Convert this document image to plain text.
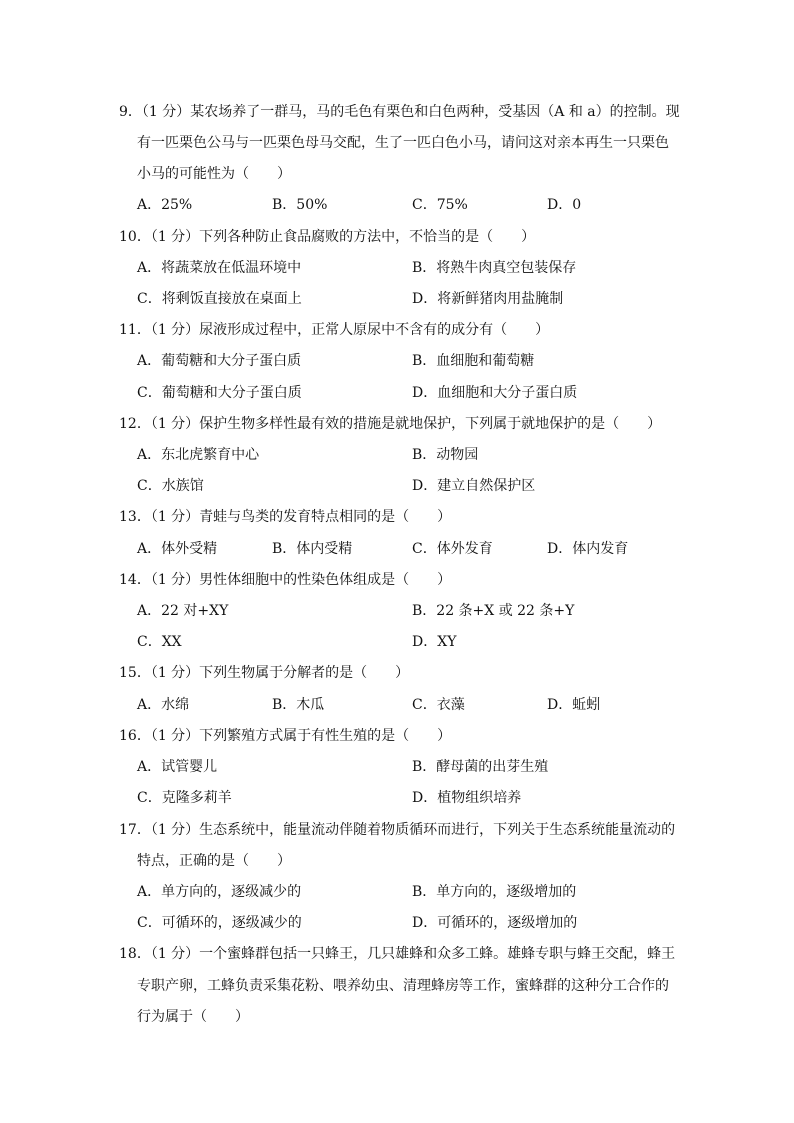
9．（1 分）某农场养了一群马，马的毛色有栗色和白色两种，受基因（A 和 a）的控制。现
有一匹栗色公马与一匹栗色母马交配，生了一匹白色小马，请问这对亲本再生一只栗色
小马的可能性为（　　）
A．25%	B．50%	C．75%	D．0
10．（1 分）下列各种防止食品腐败的方法中，不恰当的是（　　）
A．将蔬菜放在低温环境中	B．将熟牛肉真空包装保存
C．将剩饭直接放在桌面上	D．将新鲜猪肉用盐腌制
11．（1 分）尿液形成过程中，正常人原尿中不含有的成分有（　　）
A．葡萄糖和大分子蛋白质	B．血细胞和葡萄糖
C．葡萄糖和大分子蛋白质	D．血细胞和大分子蛋白质
12．（1 分）保护生物多样性最有效的措施是就地保护，下列属于就地保护的是（　　）
A．东北虎繁育中心	B．动物园
C．水族馆	D．建立自然保护区
13．（1 分）青蛙与鸟类的发育特点相同的是（　　）
A．体外受精	B．体内受精	C．体外发育	D．体内发育
14．（1 分）男性体细胞中的性染色体组成是（　　）
A．22 对+XY	B．22 条+X 或 22 条+Y
C．XX	D．XY
15．（1 分）下列生物属于分解者的是（　　）
A．水绵	B．木瓜	C．衣藻	D．蚯蚓
16．（1 分）下列繁殖方式属于有性生殖的是（　　）
A．试管婴儿	B．酵母菌的出芽生殖
C．克隆多莉羊	D．植物组织培养
17．（1 分）生态系统中，能量流动伴随着物质循环而进行，下列关于生态系统能量流动的
特点，正确的是（　　）
A．单方向的，逐级减少的	B．单方向的，逐级增加的
C．可循环的，逐级减少的	D．可循环的，逐级增加的
18．（1 分）一个蜜蜂群包括一只蜂王，几只雄蜂和众多工蜂。雄蜂专职与蜂王交配，蜂王
专职产卵，工蜂负责采集花粉、喂养幼虫、清理蜂房等工作，蜜蜂群的这种分工合作的
行为属于（　　）
